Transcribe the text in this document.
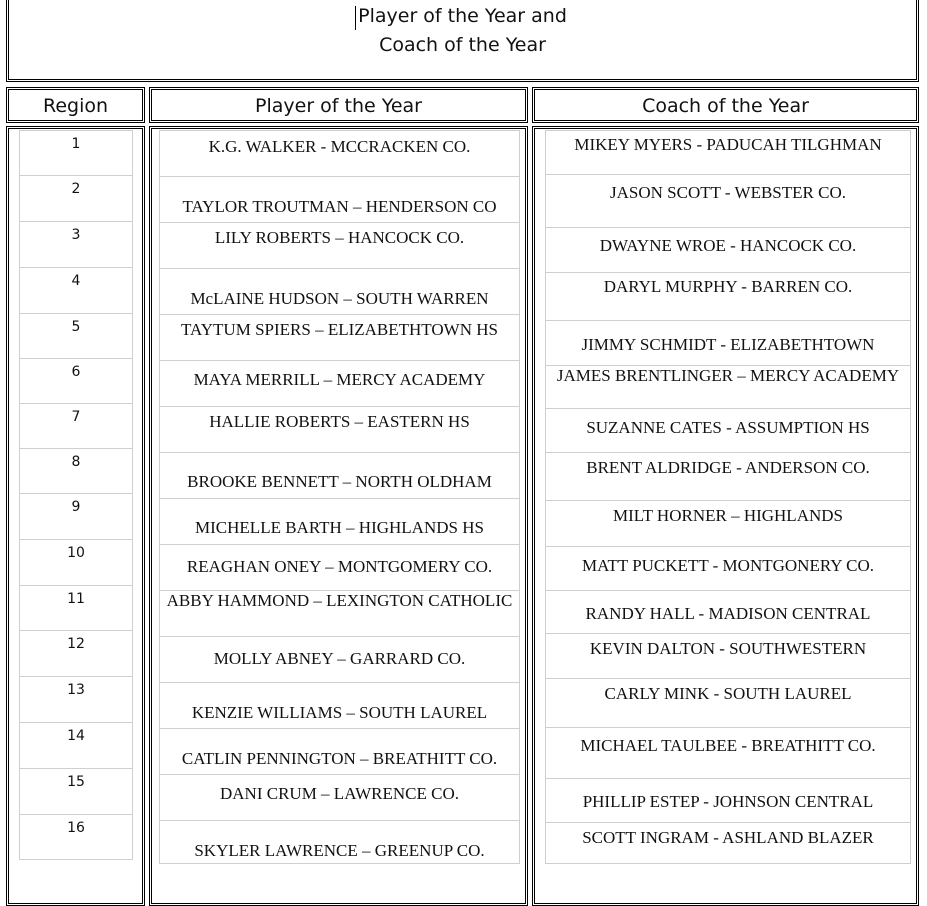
Player of the Year and
Coach of the Year
Region	Player of the Year	Coach of the Year
1
2
3
4
5
6
7
8
9
10
11
12
13
14
15
16
K.G. WALKER - MCCRACKEN CO.
TAYLOR TROUTMAN – HENDERSON CO
LILY ROBERTS – HANCOCK CO.
McLAINE HUDSON – SOUTH WARREN
TAYTUM SPIERS – ELIZABETHTOWN HS
MAYA MERRILL – MERCY ACADEMY
HALLIE ROBERTS – EASTERN HS
BROOKE BENNETT – NORTH OLDHAM
MICHELLE BARTH – HIGHLANDS HS
REAGHAN ONEY – MONTGOMERY CO.
ABBY HAMMOND – LEXINGTON CATHOLIC
MOLLY ABNEY – GARRARD CO.
KENZIE WILLIAMS – SOUTH LAUREL
CATLIN PENNINGTON – BREATHITT CO.
DANI CRUM – LAWRENCE CO.
SKYLER LAWRENCE – GREENUP CO.
MIKEY MYERS - PADUCAH TILGHMAN
JASON SCOTT - WEBSTER CO.
DWAYNE WROE - HANCOCK CO.
DARYL MURPHY - BARREN CO.
JIMMY SCHMIDT - ELIZABETHTOWN
JAMES BRENTLINGER – MERCY ACADEMY
SUZANNE CATES - ASSUMPTION HS
BRENT ALDRIDGE - ANDERSON CO.
MILT HORNER – HIGHLANDS
MATT PUCKETT - MONTGONERY CO.
RANDY HALL - MADISON CENTRAL
KEVIN DALTON - SOUTHWESTERN
CARLY MINK - SOUTH LAUREL
MICHAEL TAULBEE - BREATHITT CO.
PHILLIP ESTEP - JOHNSON CENTRAL
SCOTT INGRAM - ASHLAND BLAZER
